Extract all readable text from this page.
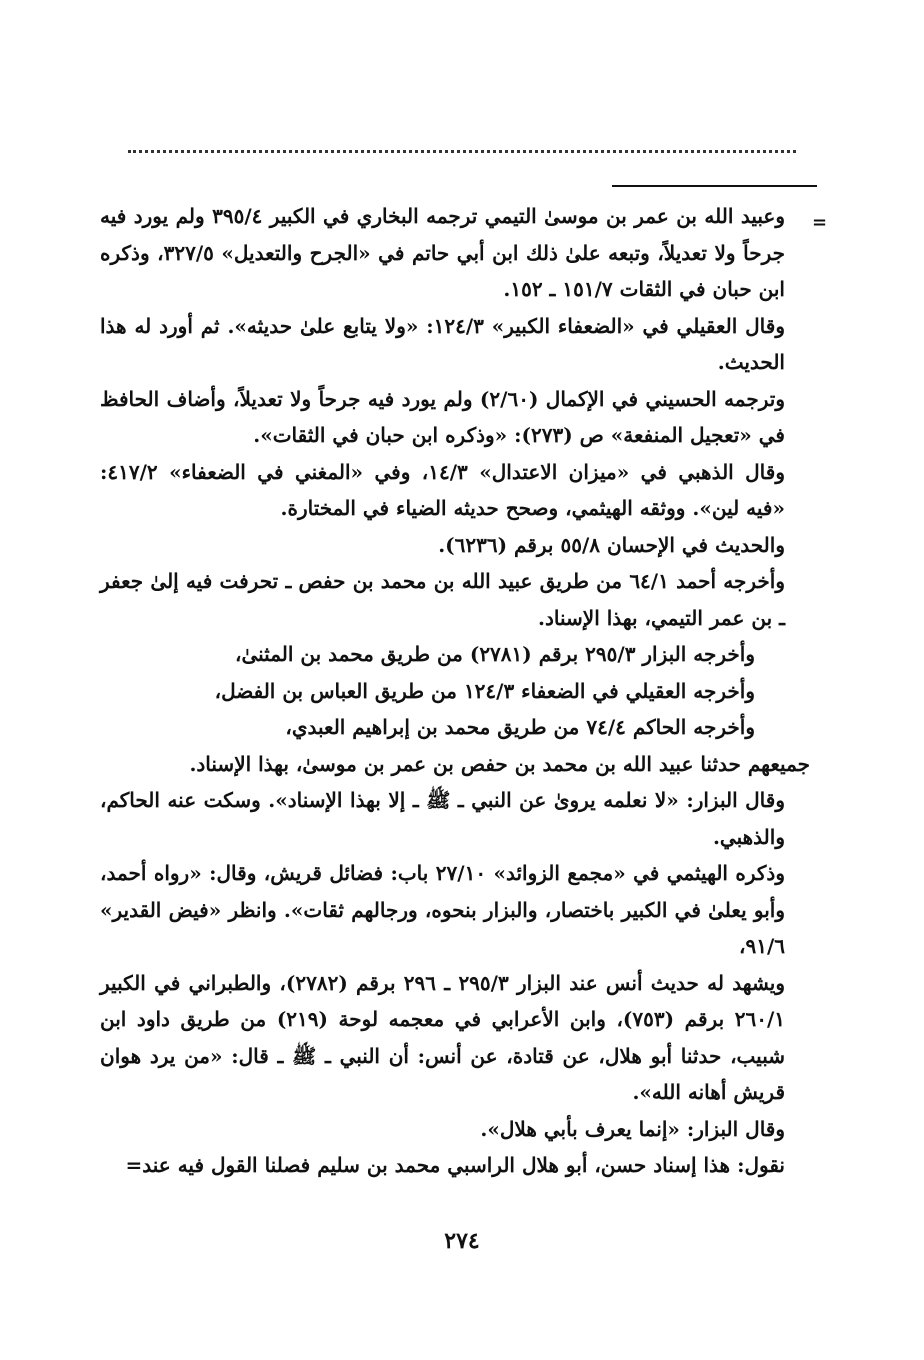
=

وعبيد الله بن عمر بن موسىٰ التيمي ترجمه البخاري في الكبير ٣٩٥/٤ ولم يورد فيه جرحاً ولا تعديلاً، وتبعه علىٰ ذلك ابن أبي حاتم في «الجرح والتعديل» ٣٢٧/٥، وذكره ابن حبان في الثقات ١٥١/٧ ـ ١٥٢.

وقال العقيلي في «الضعفاء الكبير» ١٢٤/٣: «ولا يتابع علىٰ حديثه». ثم أورد له هذا الحديث.

وترجمه الحسيني في الإكمال (٢/٦٠) ولم يورد فيه جرحاً ولا تعديلاً، وأضاف الحافظ في «تعجيل المنفعة» ص (٢٧٣): «وذكره ابن حبان في الثقات».

وقال الذهبي في «ميزان الاعتدال» ١٤/٣، وفي «المغني في الضعفاء» ٤١٧/٢: «فيه لين». ووثقه الهيثمي، وصحح حديثه الضياء في المختارة.

والحديث في الإحسان ٥٥/٨ برقم (٦٢٣٦).

وأخرجه أحمد ٦٤/١ من طريق عبيد الله بن محمد بن حفص ـ تحرفت فيه إلىٰ جعفر ـ بن عمر التيمي، بهذا الإسناد.

وأخرجه البزار ٢٩٥/٣ برقم (٢٧٨١) من طريق محمد بن المثنىٰ،

وأخرجه العقيلي في الضعفاء ١٢٤/٣ من طريق العباس بن الفضل،

وأخرجه الحاكم ٧٤/٤ من طريق محمد بن إبراهيم العبدي،

جميعهم حدثنا عبيد الله بن محمد بن حفص بن عمر بن موسىٰ، بهذا الإسناد.

وقال البزار: «لا نعلمه يروىٰ عن النبي ـ ﷺ ـ إلا بهذا الإسناد». وسكت عنه الحاكم، والذهبي.

وذكره الهيثمي في «مجمع الزوائد» ٢٧/١٠ باب: فضائل قريش، وقال: «رواه أحمد، وأبو يعلىٰ في الكبير باختصار، والبزار بنحوه، ورجالهم ثقات». وانظر «فيض القدير» ٩١/٦،

ويشهد له حديث أنس عند البزار ٢٩٥/٣ ـ ٢٩٦ برقم (٢٧٨٢)، والطبراني في الكبير ٢٦٠/١ برقم (٧٥٣)، وابن الأعرابي في معجمه لوحة (٢١٩) من طريق داود ابن شبيب، حدثنا أبو هلال، عن قتادة، عن أنس: أن النبي ـ ﷺ ـ قال: «من يرد هوان قريش أهانه الله».

وقال البزار: «إنما يعرف بأبي هلال».

نقول: هذا إسناد حسن، أبو هلال الراسبي محمد بن سليم فصلنا القول فيه عند=

٢٧٤
